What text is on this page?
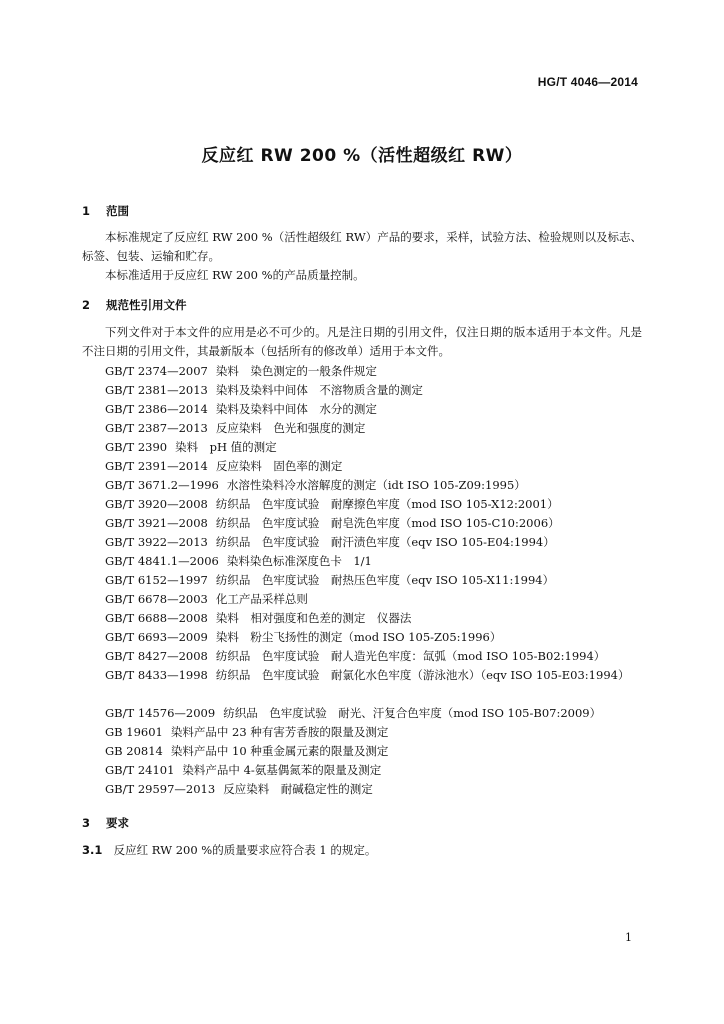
HG/T 4046—2014
反应红 RW 200 %（活性超级红 RW）
1 范围
本标准规定了反应红 RW 200 %（活性超级红 RW）产品的要求，采样，试验方法、检验规则以及标志、标签、包装、运输和贮存。
本标准适用于反应红 RW 200 %的产品质量控制。
2 规范性引用文件
下列文件对于本文件的应用是必不可少的。凡是注日期的引用文件，仅注日期的版本适用于本文件。凡是不注日期的引用文件，其最新版本（包括所有的修改单）适用于本文件。
GB/T 2374—2007 染料　染色测定的一般条件规定
GB/T 2381—2013 染料及染料中间体　不溶物质含量的测定
GB/T 2386—2014 染料及染料中间体　水分的测定
GB/T 2387—2013 反应染料　色光和强度的测定
GB/T 2390 染料　pH 值的测定
GB/T 2391—2014 反应染料　固色率的测定
GB/T 3671.2—1996 水溶性染料冷水溶解度的测定（idt ISO 105-Z09:1995）
GB/T 3920—2008 纺织品　色牢度试验　耐摩擦色牢度（mod ISO 105-X12:2001）
GB/T 3921—2008 纺织品　色牢度试验　耐皂洗色牢度（mod ISO 105-C10:2006）
GB/T 3922—2013 纺织品　色牢度试验　耐汗渍色牢度（eqv ISO 105-E04:1994）
GB/T 4841.1—2006 染料染色标准深度色卡　1/1
GB/T 6152—1997 纺织品　色牢度试验　耐热压色牢度（eqv ISO 105-X11:1994）
GB/T 6678—2003 化工产品采样总则
GB/T 6688—2008 染料　相对强度和色差的测定　仪器法
GB/T 6693—2009 染料　粉尘飞扬性的测定（mod ISO 105-Z05:1996）
GB/T 8427—2008 纺织品　色牢度试验　耐人造光色牢度：氙弧（mod ISO 105-B02:1994）
GB/T 8433—1998 纺织品　色牢度试验　耐氯化水色牢度（游泳池水）（eqv ISO 105-E03:1994）
GB/T 14576—2009 纺织品　色牢度试验　耐光、汗复合色牢度（mod ISO 105-B07:2009）
GB 19601 染料产品中 23 种有害芳香胺的限量及测定
GB 20814 染料产品中 10 种重金属元素的限量及测定
GB/T 24101 染料产品中 4-氨基偶氮苯的限量及测定
GB/T 29597—2013 反应染料　耐碱稳定性的测定
3 要求
3.1 反应红 RW 200 %的质量要求应符合表 1 的规定。
1
